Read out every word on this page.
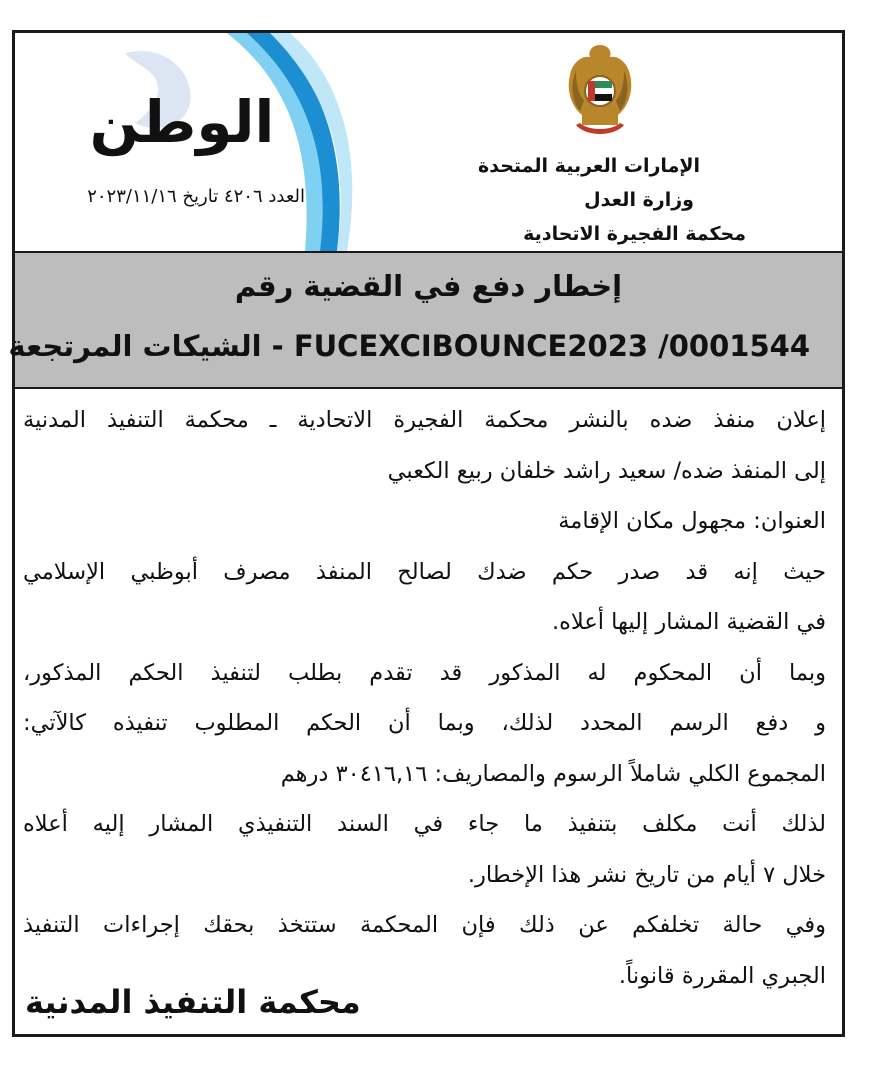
الوطن
العدد ٤٢٠٦ تاريخ ٢٠٢٣/١١/١٦
الإمارات العربية المتحدة
وزارة العدل
محكمة الفجيرة الاتحادية
إخطار دفع في القضية رقم
FUCEXCIBOUNCE2023 /0001544 - الشيكات المرتجعة

إعلان منفذ ضده بالنشر محكمة الفجيرة الاتحادية ـ محكمة التنفيذ المدنية

إلى المنفذ ضده/ سعيد راشد خلفان ربيع الكعبي

العنوان: مجهول مكان الإقامة

حيث إنه قد صدر حكم ضدك لصالح المنفذ مصرف أبوظبي الإسلامي

في القضية المشار إليها أعلاه.

وبما أن المحكوم له المذكور قد تقدم بطلب لتنفيذ الحكم المذكور،

و دفع الرسم المحدد لذلك، وبما أن الحكم المطلوب تنفيذه كالآتي:

المجموع الكلي شاملاً الرسوم والمصاريف: ٣٠٤١٦,١٦ درهم

لذلك أنت مكلف بتنفيذ ما جاء في السند التنفيذي المشار إليه أعلاه

خلال ٧ أيام من تاريخ نشر هذا الإخطار.

وفي حالة تخلفكم عن ذلك فإن المحكمة ستتخذ بحقك إجراءات التنفيذ

الجبري المقررة قانوناً.

محكمة التنفيذ المدنية
